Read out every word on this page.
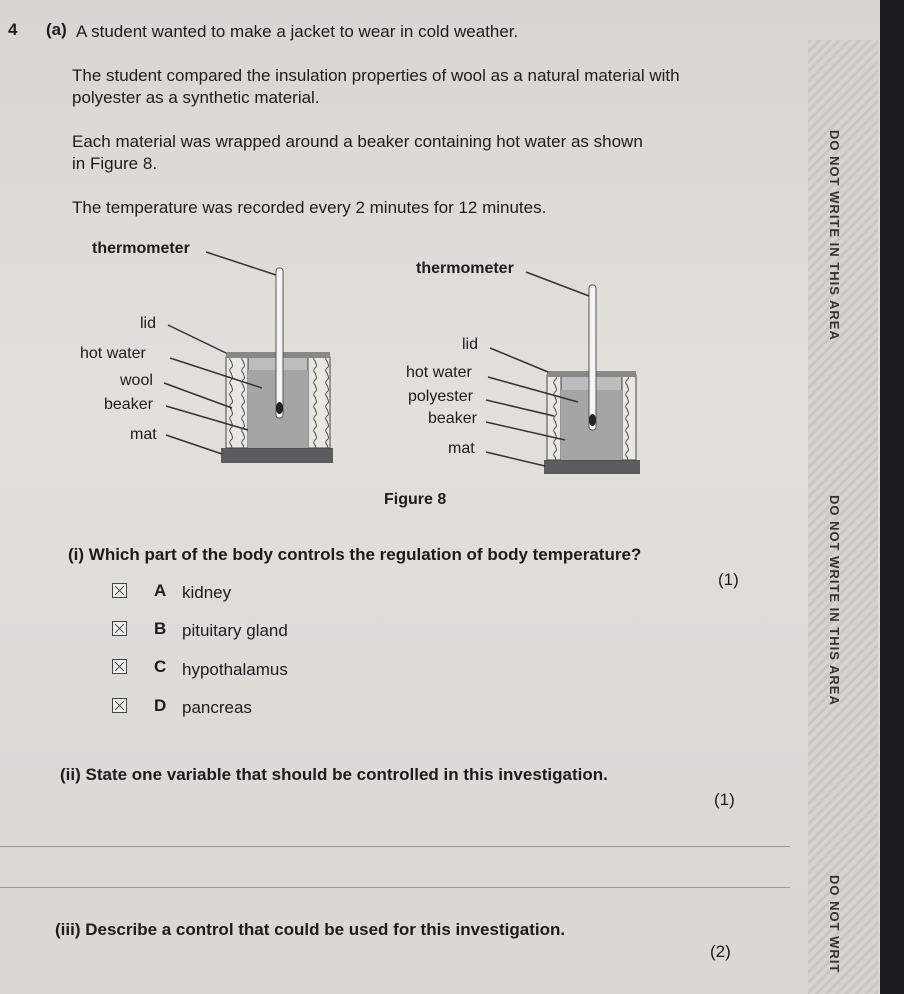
DO NOT WRITE IN THIS AREA
DO NOT WRITE IN THIS AREA
DO NOT WRIT
4 (a) A student wanted to make a jacket to wear in cold weather.
The student compared the insulation properties of wool as a natural material with
polyester as a synthetic material.
Each material was wrapped around a beaker containing hot water as shown
in Figure 8.
The temperature was recorded every 2 minutes for 12 minutes.
thermometer
lid
hot water
wool
beaker
mat
thermometer
lid
hot water
polyester
beaker
mat
Figure 8
(i) Which part of the body controls the regulation of body temperature?
(1)
A kidney
B pituitary gland
C hypothalamus
D pancreas
(ii) State one variable that should be controlled in this investigation.
(1)
(iii) Describe a control that could be used for this investigation.
(2)
